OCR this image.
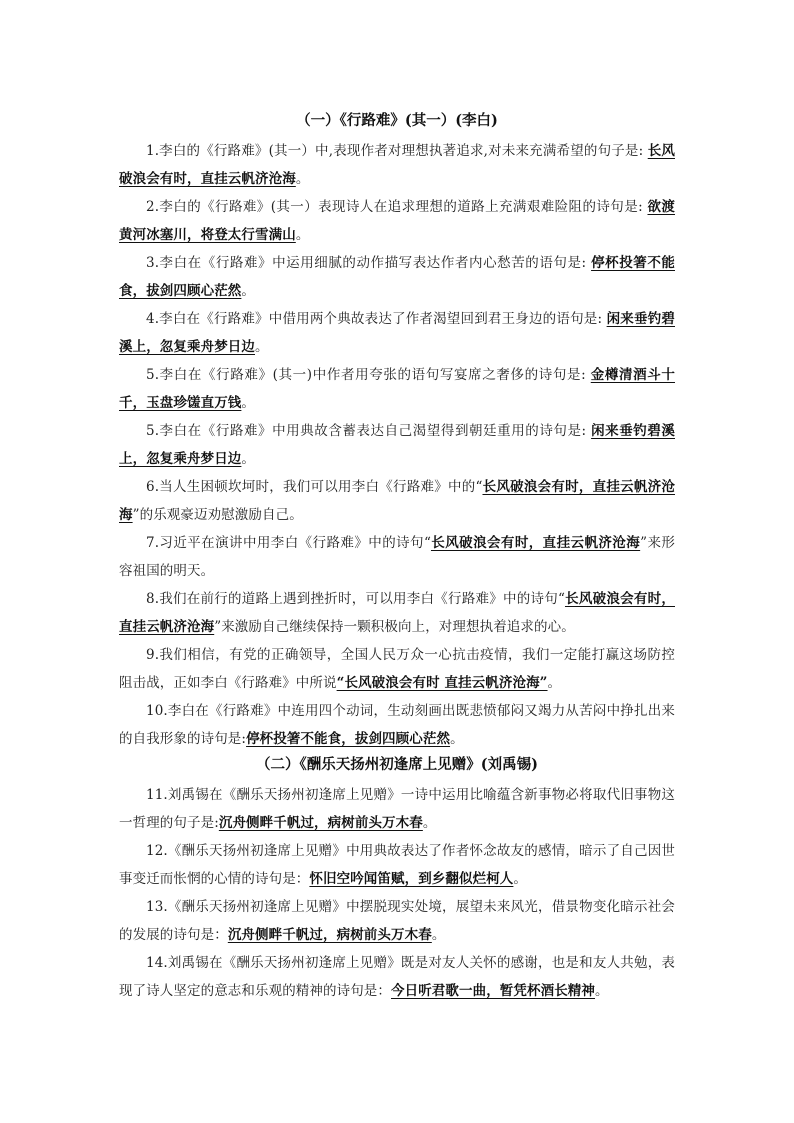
（一）《行路难》(其一）(李白)

1.李白的《行路难》(其一）中,表现作者对理想执著追求,对未来充满希望的句子是: 长风破浪会有时，直挂云帆济沧海。

2.李白的《行路难》(其一）表现诗人在追求理想的道路上充满艰难险阻的诗句是: 欲渡黄河冰塞川，将登太行雪满山。

3.李白在《行路难》中运用细腻的动作描写表达作者内心愁苦的语句是: 停杯投箸不能食，拔剑四顾心茫然。

4.李白在《行路难》中借用两个典故表达了作者渴望回到君王身边的语句是: 闲来垂钓碧溪上，忽复乘舟梦日边。

5.李白在《行路难》(其一)中作者用夸张的语句写宴席之奢侈的诗句是: 金樽清酒斗十千，玉盘珍馐直万钱。

5.李白在《行路难》中用典故含蓄表达自己渴望得到朝廷重用的诗句是: 闲来垂钓碧溪上，忽复乘舟梦日边。

6.当人生困顿坎坷时，我们可以用李白《行路难》中的“长风破浪会有时，直挂云帆济沧海”的乐观豪迈劝慰激励自己。

7.习近平在演讲中用李白《行路难》中的诗句“长风破浪会有时，直挂云帆济沧海”来形容祖国的明天。

8.我们在前行的道路上遇到挫折时，可以用李白《行路难》中的诗句“长风破浪会有时，直挂云帆济沧海”来激励自己继续保持一颗积极向上，对理想执着追求的心。

9.我们相信，有党的正确领导，全国人民万众一心抗击疫情，我们一定能打赢这场防控阻击战，正如李白《行路难》中所说“长风破浪会有时 直挂云帆济沧海”。

10.李白在《行路难》中连用四个动词，生动刻画出既悲愤郁闷又竭力从苦闷中挣扎出来的自我形象的诗句是:停杯投箸不能食，拔剑四顾心茫然。

（二）《酬乐天扬州初逢席上见赠》(刘禹锡)

11.刘禹锡在《酬乐天扬州初逢席上见赠》一诗中运用比喻蕴含新事物必将取代旧事物这一哲理的句子是:沉舟侧畔千帆过，病树前头万木春。

12.《酬乐天扬州初逢席上见赠》中用典故表达了作者怀念故友的感情，暗示了自己因世事变迁而怅惘的心情的诗句是：怀旧空吟闻笛赋，到乡翻似烂柯人。

13.《酬乐天扬州初逢席上见赠》中摆脱现实处境，展望未来风光，借景物变化暗示社会的发展的诗句是：沉舟侧畔千帆过，病树前头万木春。

14.刘禹锡在《酬乐天扬州初逢席上见赠》既是对友人关怀的感谢，也是和友人共勉，表现了诗人坚定的意志和乐观的精神的诗句是：今日听君歌一曲，暂凭杯酒长精神。
